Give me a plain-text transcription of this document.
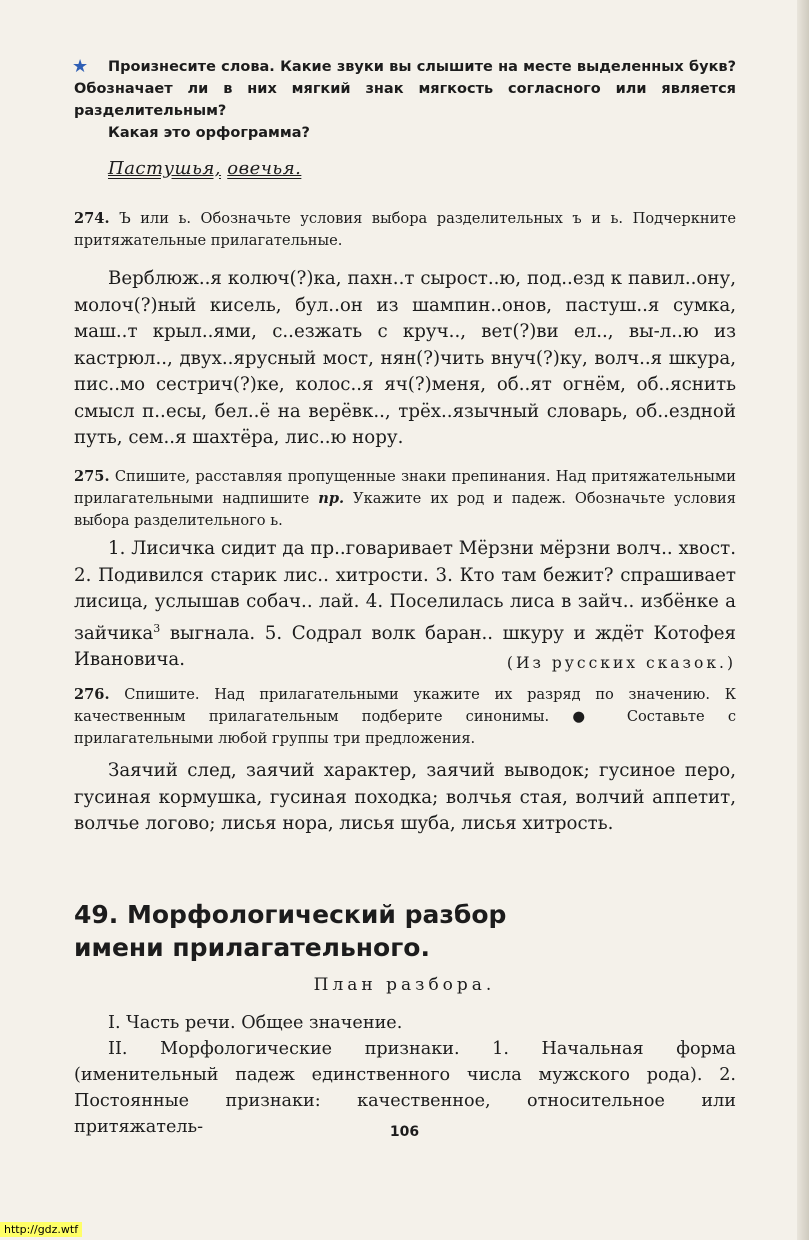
★	Произнесите слова. Какие звуки вы слышите на месте выделенных букв? Обозначает ли в них мягкий знак мягкость согласного или является разделительным?

Какая это орфограмма?

Пастушья, овечья.

274. Ъ или ь. Обозначьте условия выбора разделительных ъ и ь. Подчеркните притяжательные прилагательные.

Верблюж..я колюч(?)ка, пахн..т сырост..ю, под..езд к павил..ону, молоч(?)ный кисель, бул..он из шампин..онов, пастуш..я сумка, маш..т крыл..ями, с..езжать с круч.., вет(?)ви ел.., вы-л..ю из кастрюл.., двух..ярусный мост, нян(?)чить внуч(?)ку, волч..я шкура, пис..мо сестрич(?)ке, колос..я яч(?)меня, об..ят огнём, об..яснить смысл п..есы, бел..ё на верёвк.., трёх..язычный словарь, об..ездной путь, сем..я шахтёра, лис..ю нору.

275. Спишите, расставляя пропущенные знаки препинания. Над притяжательными прилагательными надпишите пр. Укажите их род и падеж. Обозначьте условия выбора разделительного ь.

1. Лисичка сидит да пр..говаривает Мёрзни мёрзни волч.. хвост. 2. Подивился старик лис.. хитрости. 3. Кто там бежит? спрашивает лисица, услышав собач.. лай. 4. Поселилась лиса в зайч.. избёнке а зайчика$^3$ выгнала. 5. Содрал волк баран.. шкуру и ждёт Котофея Ивановича.	(Из русских сказок.)

276. Спишите. Над прилагательными укажите их разряд по значению. К качественным прилагательным подберите синонимы. ● Составьте с прилагательными любой группы три предложения.

Заячий след, заячий характер, заячий выводок; гусиное перо, гусиная кормушка, гусиная походка; волчья стая, волчий аппетит, волчье логово; лисья нора, лисья шуба, лисья хитрость.

49. Морфологический разбор
имени прилагательного.

План разбора.

I. Часть речи. Общее значение.

II. Морфологические признаки. 1. Начальная форма (именительный падеж единственного числа мужского рода). 2. Постоянные признаки: качественное, относительное или притяжатель-	106

http://gdz.wtf
